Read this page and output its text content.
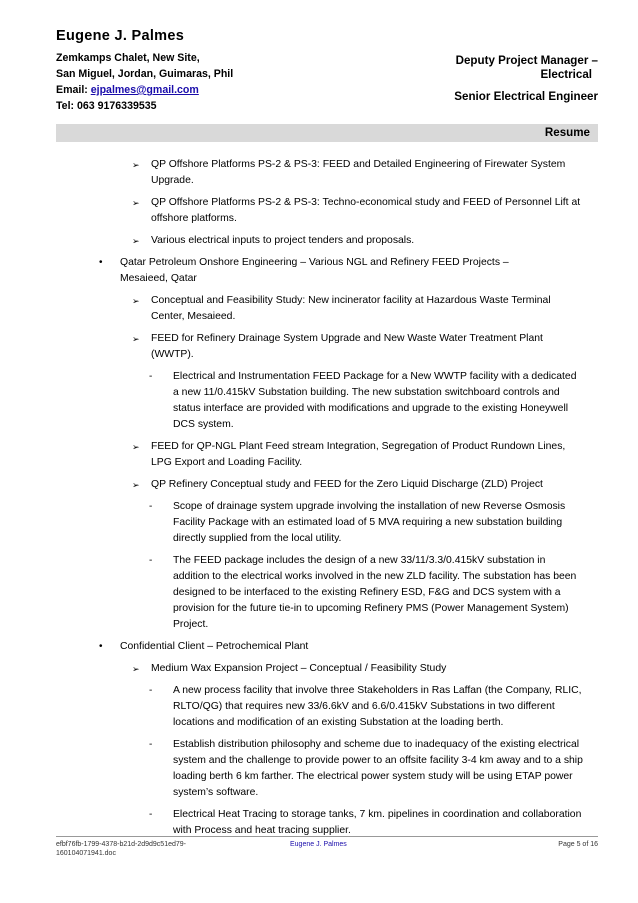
Eugene J. Palmes
Zemkamps Chalet, New Site,
San Miguel, Jordan, Guimaras, Phil
Email: ejpalmes@gmail.com
Tel: 063 9176339535
Deputy Project Manager –
Electrical
Senior Electrical Engineer
Resume
➢ QP Offshore Platforms PS-2 & PS-3: FEED and Detailed Engineering of Firewater System Upgrade.
➢ QP Offshore Platforms PS-2 & PS-3: Techno-economical study and FEED of Personnel Lift at offshore platforms.
➢ Various electrical inputs to project tenders and proposals.
• Qatar Petroleum Onshore Engineering – Various NGL and Refinery FEED Projects – Mesaieed, Qatar
➢ Conceptual and Feasibility Study: New incinerator facility at Hazardous Waste Terminal Center, Mesaieed.
➢ FEED for Refinery Drainage System Upgrade and New Waste Water Treatment Plant (WWTP).
- Electrical and Instrumentation FEED Package for a New WWTP facility with a dedicated a new 11/0.415kV Substation building. The new substation switchboard controls and status interface are provided with modifications and upgrade to the existing Honeywell DCS system.
➢ FEED for QP-NGL Plant Feed stream Integration, Segregation of Product Rundown Lines, LPG Export and Loading Facility.
➢ QP Refinery Conceptual study and FEED for the Zero Liquid Discharge (ZLD) Project
- Scope of drainage system upgrade involving the installation of new Reverse Osmosis Facility Package with an estimated load of 5 MVA requiring a new substation building directly supplied from the local utility.
- The FEED package includes the design of a new 33/11/3.3/0.415kV substation in addition to the electrical works involved in the new ZLD facility. The substation has been designed to be interfaced to the existing Refinery ESD, F&G and DCS system with a provision for the future tie-in to upcoming Refinery PMS (Power Management System) Project.
• Confidential Client – Petrochemical Plant
➢ Medium Wax Expansion Project – Conceptual / Feasibility Study
- A new process facility that involve three Stakeholders in Ras Laffan (the Company, RLIC, RLTO/QG) that requires new 33/6.6kV and 6.6/0.415kV Substations in two different locations and modification of an existing Substation at the loading berth.
- Establish distribution philosophy and scheme due to inadequacy of the existing electrical system and the challenge to provide power to an offsite facility 3-4 km away and to a ship loading berth 6 km farther. The electrical power system study will be using ETAP power system’s software.
- Electrical Heat Tracing to storage tanks, 7 km. pipelines in coordination and collaboration with Process and heat tracing supplier.
efbf76fb-1799-4378-b21d-2d9d9c51ed79-
160104071941.doc
Eugene J. Palmes	Page 5 of 16
